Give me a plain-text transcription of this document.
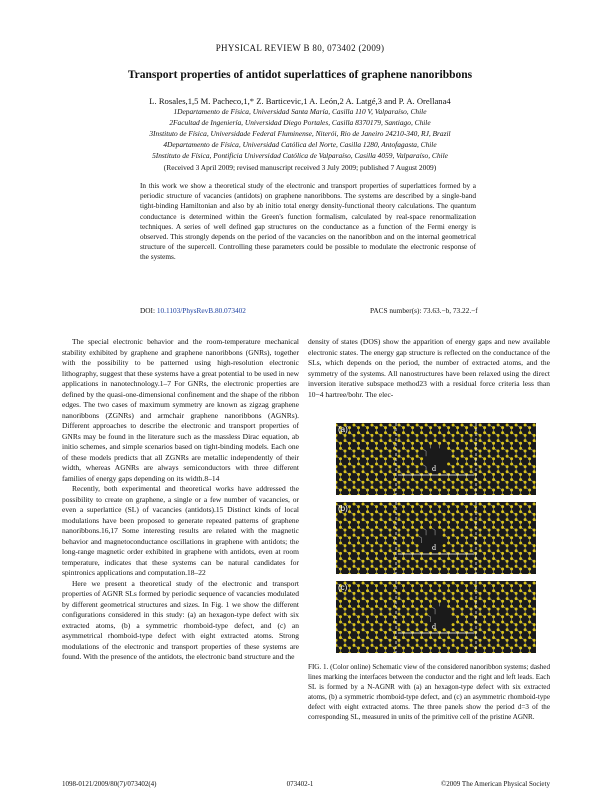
PHYSICAL REVIEW B 80, 073402 (2009)
Transport properties of antidot superlattices of graphene nanoribbons
L. Rosales,1,5 M. Pacheco,1,* Z. Barticevic,1 A. León,2 A. Latgé,3 and P. A. Orellana4
1Departamento de Física, Universidad Santa María, Casilla 110 V, Valparaíso, Chile
2Facultad de Ingeniería, Universidad Diego Portales, Casilla 8370179, Santiago, Chile
3Instituto de Física, Universidade Federal Fluminense, Niterói, Rio de Janeiro 24210-340, RJ, Brazil
4Departamento de Física, Universidad Católica del Norte, Casilla 1280, Antofagasta, Chile
5Instituto de Física, Pontificia Universidad Católica de Valparaíso, Casilla 4059, Valparaíso, Chile
(Received 3 April 2009; revised manuscript received 3 July 2009; published 7 August 2009)
In this work we show a theoretical study of the electronic and transport properties of superlattices formed by a periodic structure of vacancies (antidots) on graphene nanoribbons. The systems are described by a single-band tight-binding Hamiltonian and also by ab initio total energy density-functional theory calculations. The quantum conductance is determined within the Green's function formalism, calculated by real-space renormalization techniques. A series of well defined gap structures on the conductance as a function of the Fermi energy is observed. This strongly depends on the period of the vacancies on the nanoribbon and on the internal geometrical structure of the supercell. Controlling these parameters could be possible to modulate the electronic response of the systems.
DOI: 10.1103/PhysRevB.80.073402	PACS number(s): 73.63.−b, 73.22.−f

The special electronic behavior and the room-temperature mechanical stability exhibited by graphene and graphene nanoribbons (GNRs), together with the possibility to be patterned using high-resolution electronic lithography, suggest that these systems have a great potential to be used in new applications in nanotechnology.1–7 For GNRs, the electronic properties are defined by the quasi-one-dimensional confinement and the shape of the ribbon edges. The two cases of maximum symmetry are known as zigzag graphene nanoribbons (ZGNRs) and armchair graphene nanoribbons (AGNRs). Different approaches to describe the electronic and transport properties of GNRs may be found in the literature such as the massless Dirac equation, ab initio schemes, and simple scenarios based on tight-binding models. Each one of these models predicts that all ZGNRs are metallic independently of their width, whereas AGNRs are always semiconductors with three different families of energy gaps depending on its width.8–14

Recently, both experimental and theoretical works have addressed the possibility to create on graphene, a single or a few number of vacancies, or even a superlattice (SL) of vacancies (antidots).15 Distinct kinds of local modulations have been proposed to generate repeated patterns of graphene nanoribbons.16,17 Some interesting results are related with the magnetic behavior and magnetoconductance oscillations in graphene with antidots; the long-range magnetic order exhibited in graphene with antidots, even at room temperature, indicates that these systems can be natural candidates for spintronics applications and computation.18–22

Here we present a theoretical study of the electronic and transport properties of AGNR SLs formed by periodic sequence of vacancies modulated by different geometrical structures and sizes. In Fig. 1 we show the different configurations considered in this study: (a) an hexagon-type defect with six extracted atoms, (b) a symmetric rhomboid-type defect, and (c) an asymmetrical rhomboid-type defect with eight extracted atoms. Strong modulations of the electronic and transport properties of these systems are found. With the presence of the antidots, the electronic band structure and the

density of states (DOS) show the apparition of energy gaps and new available electronic states. The energy gap structure is reflected on the conductance of the SLs, which depends on the period, the number of extracted atoms, and the symmetry of the systems. All nanostructures have been relaxed using the direct inversion iterative subspace method23 with a residual force criteria less than 10−4 hartree/bohr. The elec-

d
(a)
d
(b)
d
(c)
FIG. 1. (Color online) Schematic view of the considered nanoribbon systems; dashed lines marking the interfaces between the conductor and the right and left leads. Each SL is formed by a N-AGNR with (a) an hexagon-type defect with six extracted atoms, (b) a symmetric rhomboid-type defect, and (c) an asymmetric rhomboid-type defect with eight extracted atoms. The three panels show the period d=3 of the corresponding SL, measured in units of the primitive cell of the pristine AGNR.
1098-0121/2009/80(7)/073402(4)	073402-1	©2009 The American Physical Society
